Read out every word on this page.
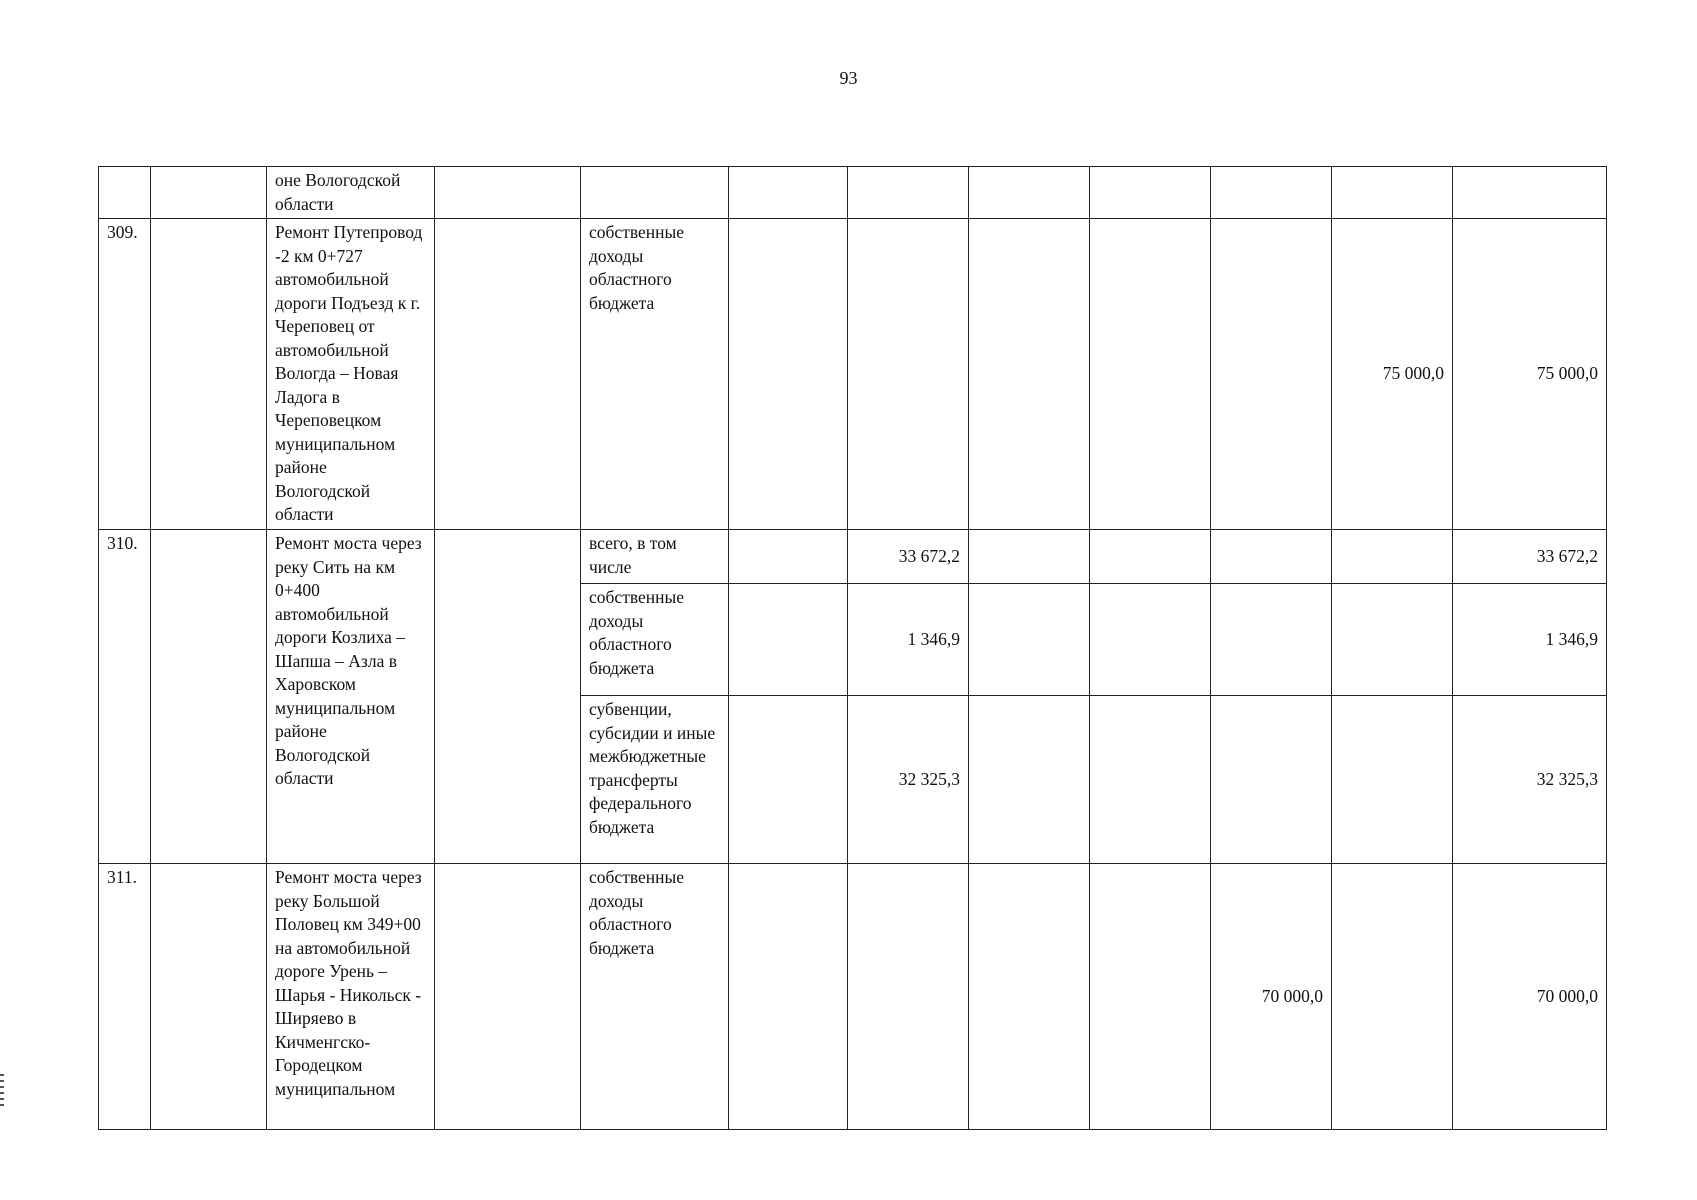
93
		оне Вологодской области									
309.		Ремонт Путепровод -2 км 0+727 автомобильной дороги Подъезд к г. Череповец от автомобильной Вологда – Новая Ладога в Череповецком муниципальном районе Вологодской области		собственные доходы областного бюджета						75 000,0	75 000,0
310.		Ремонт моста через реку Сить на км 0+400 автомобильной дороги Козлиха – Шапша – Азла в Харовском муниципальном районе Вологодской области		всего, в том числе		33 672,2					33 672,2
				собственные доходы областного бюджета		1 346,9					1 346,9
				субвенции, субсидии и иные межбюджетные трансферты федерального бюджета		32 325,3					32 325,3
311.		Ремонт моста через реку Большой Половец км 349+00 на автомобильной дороге Урень – Шарья - Никольск - Ширяево в Кичменгско-Городецком муниципальном		собственные доходы областного бюджета					70 000,0		70 000,0
